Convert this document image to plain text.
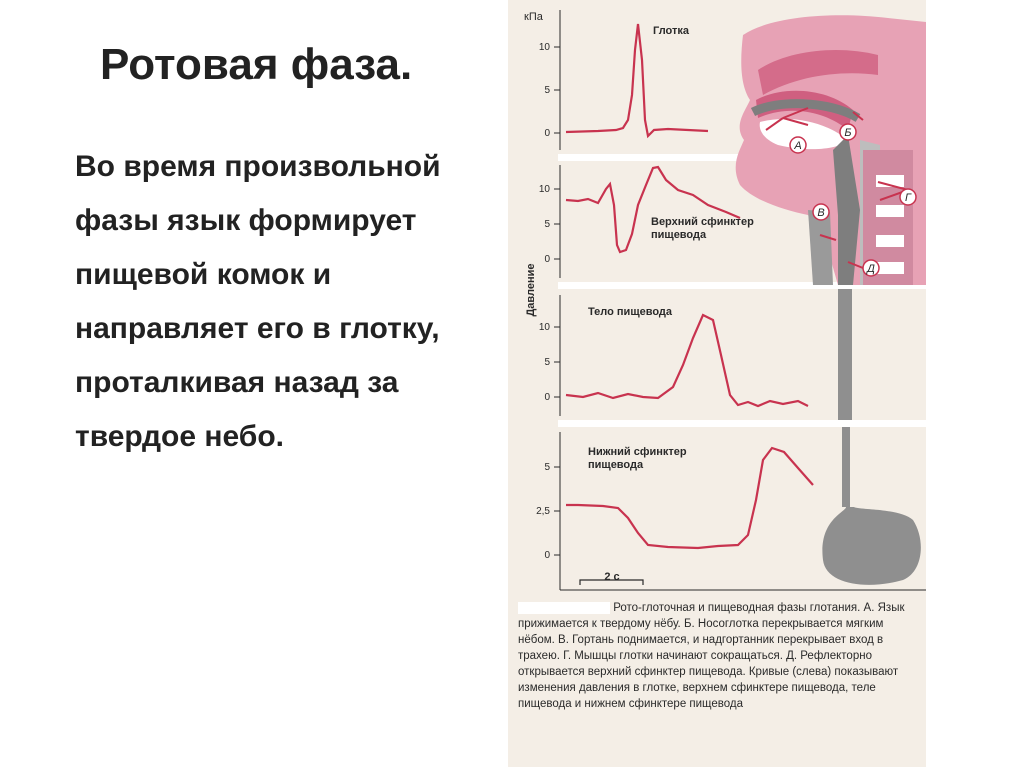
Ротовая фаза.

Во время произвольной фазы язык формирует пищевой комок и направляет его в глотку, проталкивая назад за твердое небо.

А
Б
В
Г
Д
кПа
Давление
10
5
0
10
5
0
10
5
0
5
2,5
0
Глотка
Верхний сфинктер пищевода
Тело пищевода
Нижний сфинктер пищевода
2 с
Рото-глоточная и пищеводная фазы глотания. А. Язык прижимается к твердому нёбу. Б. Носоглотка перекрывается мягким нёбом. В. Гортань поднимается, и надгортанник перекрывает вход в трахею. Г. Мышцы глотки начинают сокращаться. Д. Рефлекторно открывается верхний сфинктер пищевода. Кривые (слева) показывают изменения давления в глотке, верхнем сфинктере пищевода, теле пищевода и нижнем сфинктере пищевода
